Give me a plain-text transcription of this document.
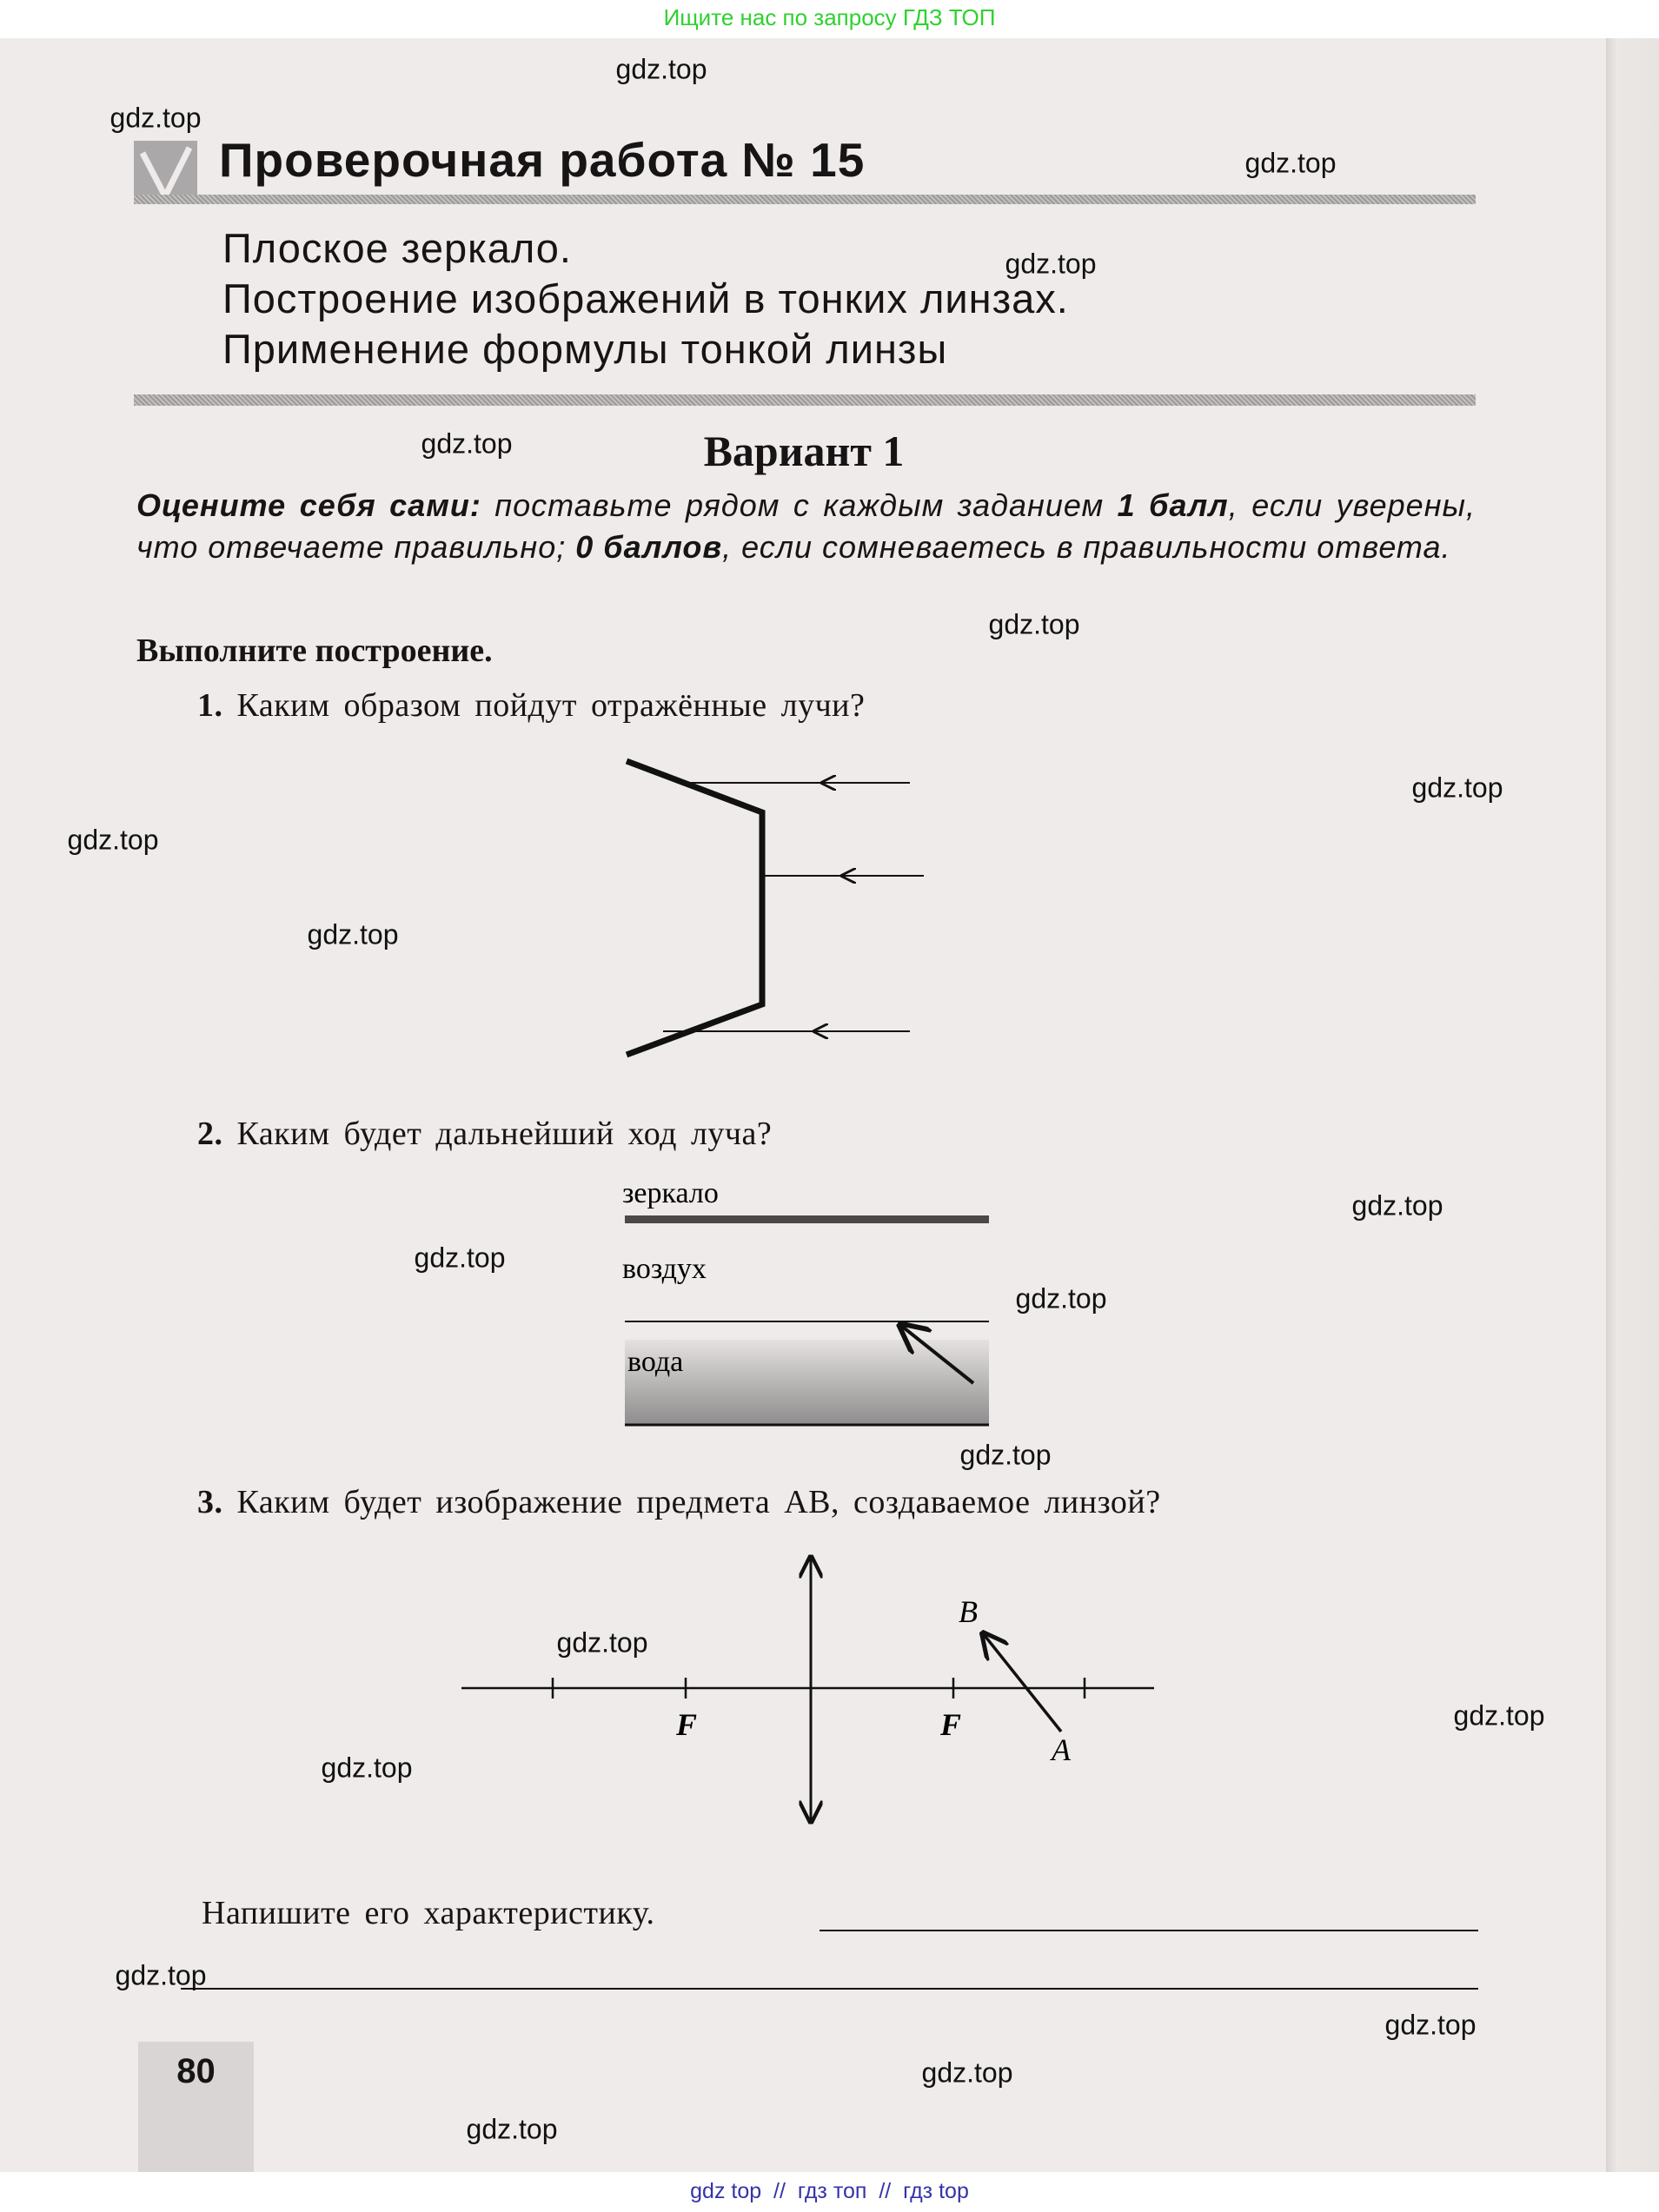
Ищите нас по запросу ГДЗ ТОП
Проверочная работа № 15
Плоское зеркало.
Построение изображений в тонких линзах.
Применение формулы тонкой линзы
Вариант 1
Оцените себя сами: поставьте рядом с каждым заданием 1 балл, если уверены, что отвечаете правильно; 0 баллов, если сомневаетесь в правильности ответа.
Выполните построение.
1. Каким образом пойдут отражённые лучи?
2. Каким будет дальнейший ход луча?
3. Каким будет изображение предмета AB, создаваемое линзой?
зеркало
воздух
вода
F	F
B
A
Напишите его характеристику.
80
gdz.top
gdz.top
gdz.top
gdz.top
gdz.top
gdz.top
gdz.top
gdz.top
gdz.top
gdz.top
gdz.top
gdz.top
gdz.top
gdz.top
gdz.top
gdz.top
gdz.top
gdz.top
gdz.top
gdz.top
gdz top  //  гдз топ  //  гдз top
